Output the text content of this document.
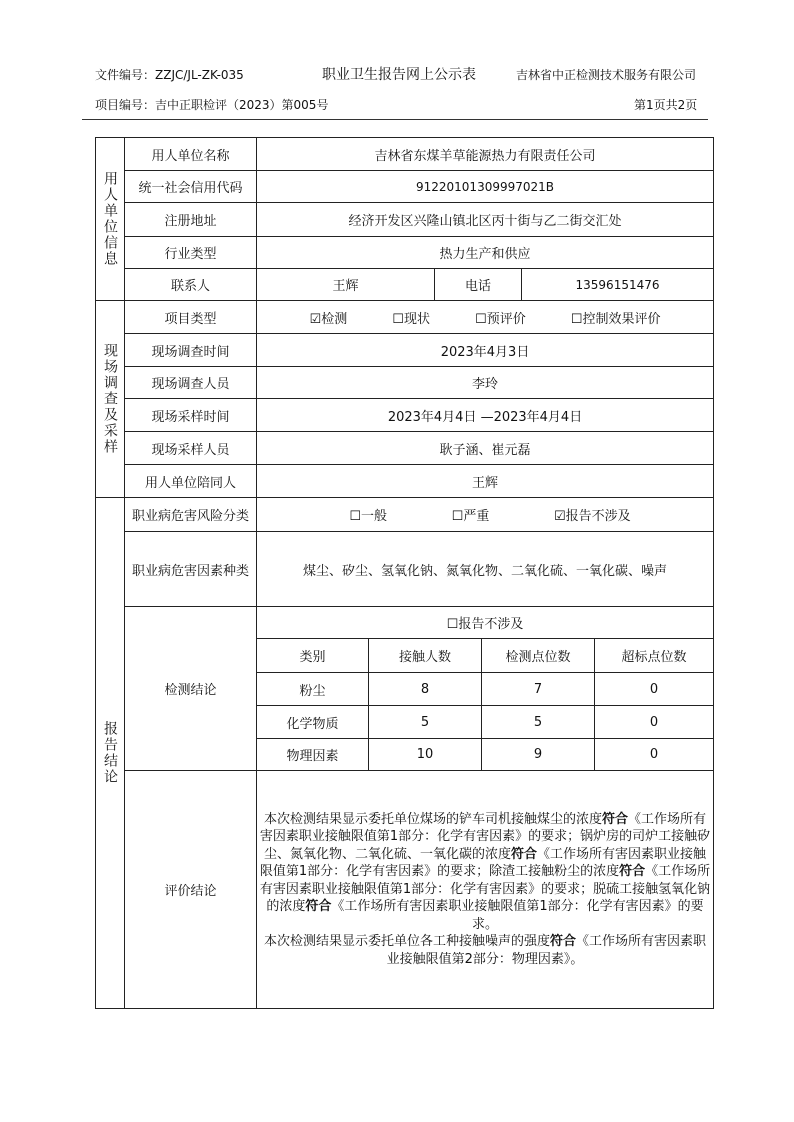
文件编号：ZZJC/JL-ZK-035	职业卫生报告网上公示表	吉林省中正检测技术服务有限公司
项目编号：吉中正职检评（2023）第005号	第1页共2页
用人单位信息	用人单位名称	吉林省东煤羊草能源热力有限责任公司					
	统一社会信用代码	91220101309997021B					
	注册地址	经济开发区兴隆山镇北区丙十街与乙二街交汇处					
	行业类型	热力生产和供应					
	联系人	王辉		电话		13596151476	
现场调查及采样	项目类型	☑检测 ☐现状 ☐预评价 ☐控制效果评价					

	现场调查时间	2023年4月3日					
	现场调查人员	李玲					
	现场采样时间	2023年4月4日 —2023年4月4日					
	现场采样人员	耿子涵、崔元磊					
	用人单位陪同人	王辉					
报告结论	职业病危害风险分类	☐一般 ☐严重 ☑报告不涉及					

	职业病危害因素种类	煤尘、矽尘、氢氧化钠、氮氧化物、二氧化硫、一氧化碳、噪声					
	检测结论	☐报告不涉及					
		类别	接触人数		检测点位数		超标点位数
		粉尘	8		7		0
		化学物质	5		5		0
		物理因素	10		9		0
	评价结论	本次检测结果显示委托单位煤场的铲车司机接触煤尘的浓度符合《工作场所有害因素职业接触限值第1部分：化学有害因素》的要求；锅炉房的司炉工接触矽尘、氮氧化物、二氧化硫、一氧化碳的浓度符合《工作场所有害因素职业接触限值第1部分：化学有害因素》的要求；除渣工接触粉尘的浓度符合《工作场所有害因素职业接触限值第1部分：化学有害因素》的要求；脱硫工接触氢氧化钠的浓度符合《工作场所有害因素职业接触限值第1部分：化学有害因素》的要求。
本次检测结果显示委托单位各工种接触噪声的强度符合《工作场所有害因素职业接触限值第2部分：物理因素》。					
